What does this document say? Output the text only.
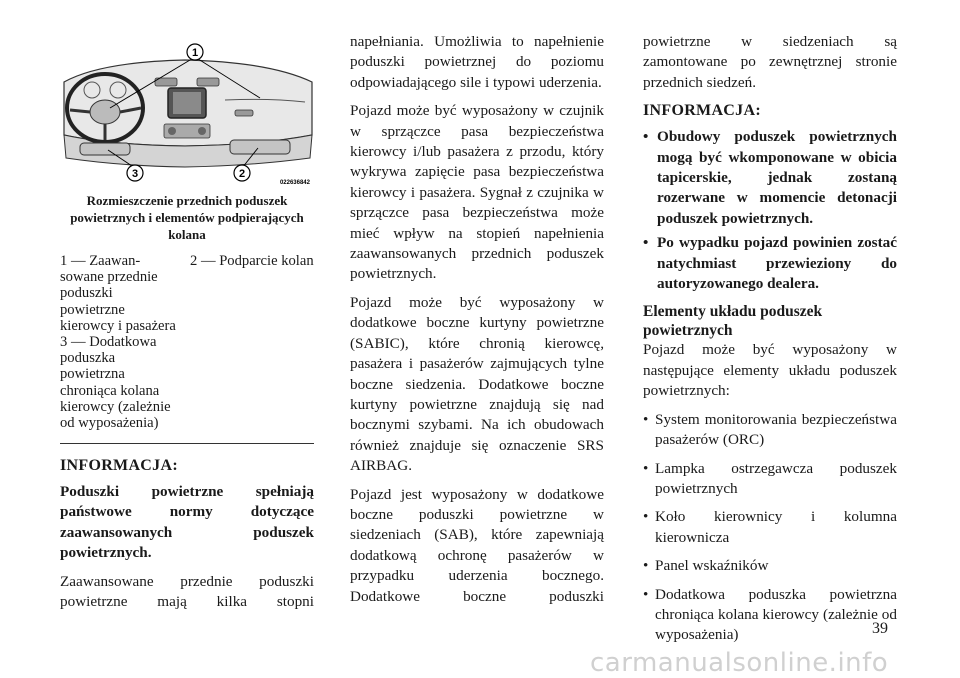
1
2
3
022636842
Rozmieszczenie przednich poduszek powietrznych i elementów podpierających kolana
1 — Zaawan-sowane przednie poduszki powietrzne kierowcy i pasażera 3 — Dodatkowa poduszka powietrzna chroniąca kolana kierowcy (zależnie od wyposażenia)
2 — Podparcie kolan
INFORMACJA:
Poduszki powietrzne spełniają państwowe normy dotyczące zaawansowanych poduszek powietrznych.
Zaawansowane przednie poduszki powietrzne mają kilka stopni
napełniania. Umożliwia to napełnienie poduszki powietrznej do poziomu odpowiadającego sile i typowi uderzenia.
Pojazd może być wyposażony w czujnik w sprzączce pasa bezpieczeństwa kierowcy i/lub pasażera z przodu, który wykrywa zapięcie pasa bezpieczeństwa kierowcy i pasażera. Sygnał z czujnika w sprzączce pasa bezpieczeństwa może mieć wpływ na stopień napełnienia zaawansowanych przednich poduszek powietrznych.
Pojazd może być wyposażony w dodatkowe boczne kurtyny powietrzne (SABIC), które chronią kierowcę, pasażera i pasażerów zajmujących tylne boczne siedzenia. Dodatkowe boczne kurtyny powietrzne znajdują się nad bocznymi szybami. Na ich obudowach również znajduje się oznaczenie SRS AIRBAG.
Pojazd jest wyposażony w dodatkowe boczne poduszki powietrzne w siedzeniach (SAB), które zapewniają dodatkową ochronę pasażerów w przypadku uderzenia bocznego. Dodatkowe boczne poduszki
powietrzne w siedzeniach są zamontowane po zewnętrznej stronie przednich siedzeń.
INFORMACJA:
• Obudowy poduszek powietrznych mogą być wkomponowane w obicia tapicerskie, jednak zostaną rozerwane w momencie detonacji poduszek powietrznych.
• Po wypadku pojazd powinien zostać natychmiast przewieziony do autoryzowanego dealera.
Elementy układu poduszek powietrznych
Pojazd może być wyposażony w następujące elementy układu poduszek powietrznych:
• System monitorowania bezpieczeństwa pasażerów (ORC)
• Lampka ostrzegawcza poduszek powietrznych
• Koło kierownicy i kolumna kierownicza
• Panel wskaźników
• Dodatkowa poduszka powietrzna chroniąca kolana kierowcy (zależnie od wyposażenia)	39
carmanualsonline.info
